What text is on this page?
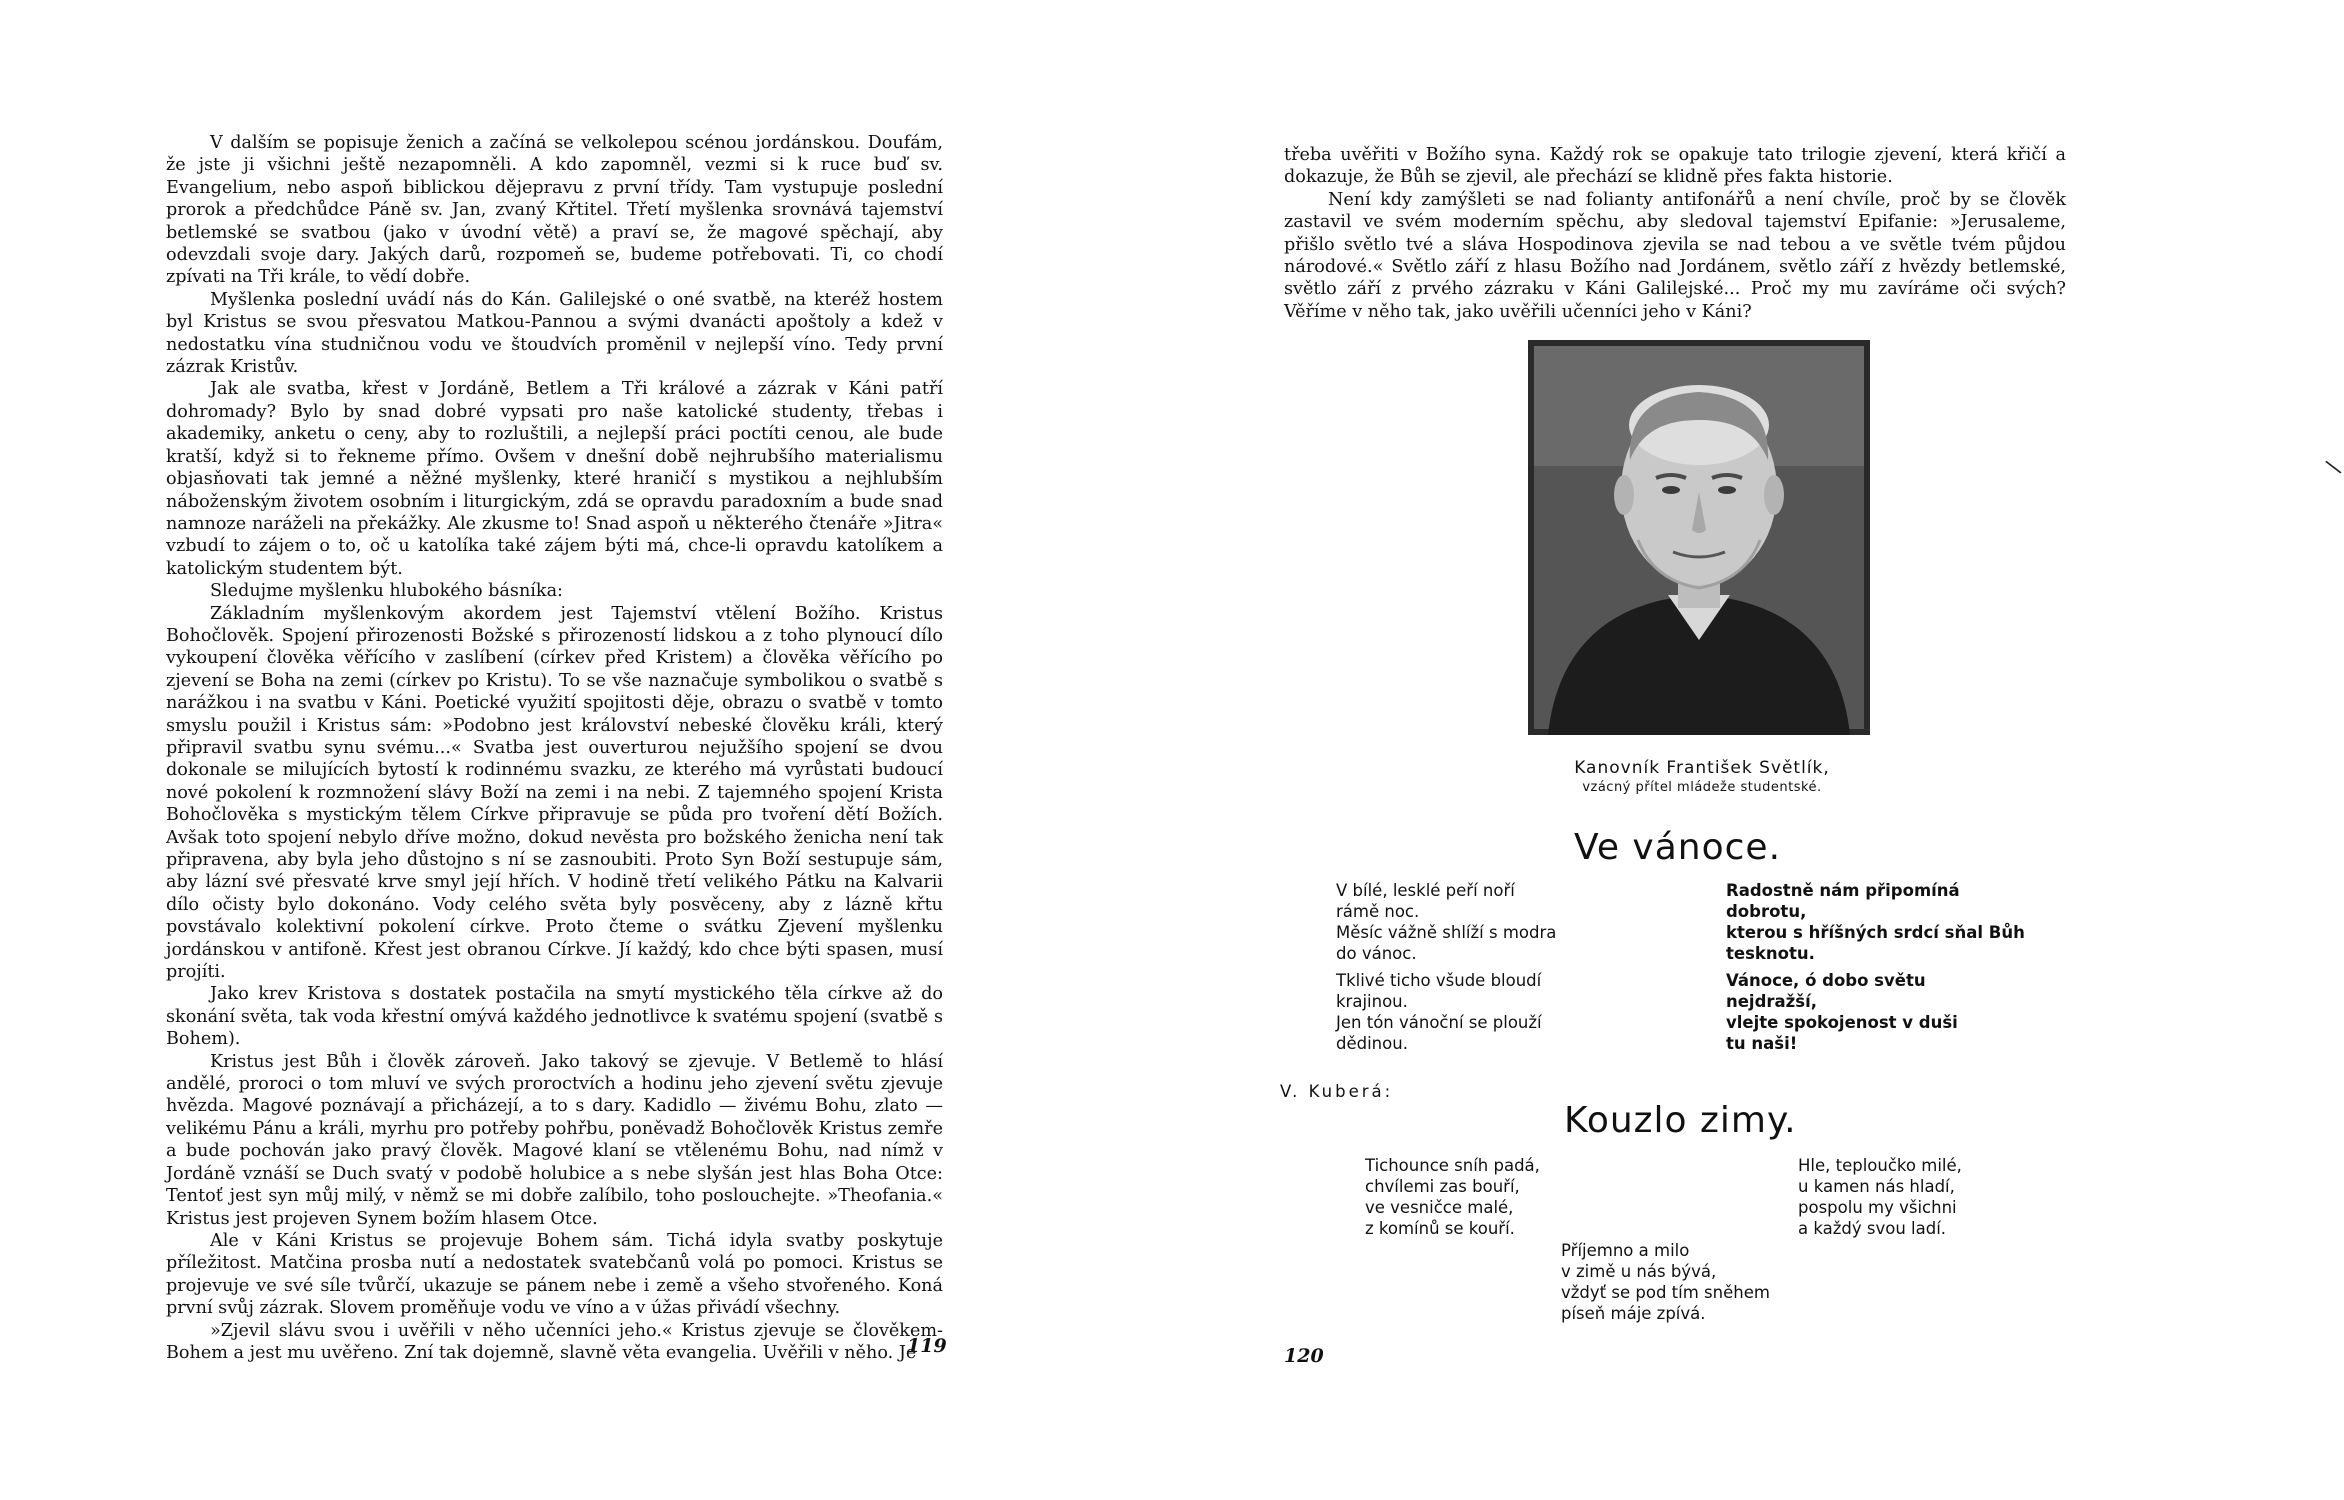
V dalším se popisuje ženich a začíná se velkolepou scénou jordánskou. Doufám, že jste ji všichni ještě nezapomněli. A kdo zapomněl, vezmi si k ruce buď sv. Evangelium, nebo aspoň biblickou dějepravu z první třídy. Tam vystupuje poslední prorok a předchůdce Páně sv. Jan, zvaný Křtitel. Třetí myšlenka srovnává tajemství betlemské se svatbou (jako v úvodní větě) a praví se, že magové spěchají, aby odevzdali svoje dary. Jakých darů, rozpomeň se, budeme potřebovati. Ti, co chodí zpívati na Tři krále, to vědí dobře.

Myšlenka poslední uvádí nás do Kán. Galilejské o oné svatbě, na kteréž hostem byl Kristus se svou přesvatou Matkou-Pannou a svými dvanácti apoštoly a kdež v nedostatku vína studničnou vodu ve štoudvích proměnil v nejlepší víno. Tedy první zázrak Kristův.

Jak ale svatba, křest v Jordáně, Betlem a Tři králové a zázrak v Káni patří dohromady? Bylo by snad dobré vypsati pro naše katolické studenty, třebas i akademiky, anketu o ceny, aby to rozluštili, a nejlepší práci poctíti cenou, ale bude kratší, když si to řekneme přímo. Ovšem v dnešní době nejhrubšího materialismu objasňovati tak jemné a něžné myšlenky, které hraničí s mystikou a nejhlubším náboženským životem osobním i liturgickým, zdá se opravdu paradoxním a bude snad namnoze naráželi na překážky. Ale zkusme to! Snad aspoň u některého čtenáře »Jitra« vzbudí to zájem o to, oč u katolíka také zájem býti má, chce-li opravdu katolíkem a katolickým studentem být.

Sledujme myšlenku hlubokého básníka:

Základním myšlenkovým akordem jest Tajemství vtělení Božího. Kristus Bohočlověk. Spojení přirozenosti Božské s přirozeností lidskou a z toho plynoucí dílo vykoupení člověka věřícího v zaslíbení (církev před Kristem) a člověka věřícího po zjevení se Boha na zemi (církev po Kristu). To se vše naznačuje symbolikou o svatbě s narážkou i na svatbu v Káni. Poetické využití spojitosti děje, obrazu o svatbě v tomto smyslu použil i Kristus sám: »Podobno jest království nebeské člověku králi, který připravil svatbu synu svému...« Svatba jest ouverturou nejužšího spojení se dvou dokonale se milujících bytostí k rodinnému svazku, ze kterého má vyrůstati budoucí nové pokolení k rozmnožení slávy Boží na zemi i na nebi. Z tajemného spojení Krista Bohočlověka s mystickým tělem Církve připravuje se půda pro tvoření dětí Božích. Avšak toto spojení nebylo dříve možno, dokud nevěsta pro božského ženicha není tak připravena, aby byla jeho důstojno s ní se zasnoubiti. Proto Syn Boží sestupuje sám, aby lázní své přesvaté krve smyl její hřích. V hodině třetí velikého Pátku na Kalvarii dílo očisty bylo dokonáno. Vody celého světa byly posvěceny, aby z lázně křtu povstávalo kolektivní pokolení církve. Proto čteme o svátku Zjevení myšlenku jordánskou v antifoně. Křest jest obranou Církve. Jí každý, kdo chce býti spasen, musí projíti.

Jako krev Kristova s dostatek postačila na smytí mystického těla církve až do skonání světa, tak voda křestní omývá každého jednotlivce k svatému spojení (svatbě s Bohem).

Kristus jest Bůh i člověk zároveň. Jako takový se zjevuje. V Betlemě to hlásí andělé, proroci o tom mluví ve svých proroctvích a hodinu jeho zjevení světu zjevuje hvězda. Magové poznávají a přicházejí, a to s dary. Kadidlo — živému Bohu, zlato — velikému Pánu a králi, myrhu pro potřeby pohřbu, poněvadž Bohočlověk Kristus zemře a bude pochován jako pravý člověk. Magové klaní se vtělenému Bohu, nad nímž v Jordáně vznáší se Duch svatý v podobě holubice a s nebe slyšán jest hlas Boha Otce: Tentoť jest syn můj milý, v němž se mi dobře zalíbilo, toho poslouchejte. »Theofania.« Kristus jest projeven Synem božím hlasem Otce.

Ale v Káni Kristus se projevuje Bohem sám. Tichá idyla svatby poskytuje příležitost. Matčina prosba nutí a nedostatek svatebčanů volá po pomoci. Kristus se projevuje ve své síle tvůrčí, ukazuje se pánem nebe i země a všeho stvořeného. Koná první svůj zázrak. Slovem proměňuje vodu ve víno a v úžas přivádí všechny.

»Zjevil slávu svou i uvěřili v něho učenníci jeho.« Kristus zjevuje se člověkem-Bohem a jest mu uvěřeno. Zní tak dojemně, slavně věta evangelia. Uvěřili v něho. Je

119

třeba uvěřiti v Božího syna. Každý rok se opakuje tato trilogie zjevení, která křičí a dokazuje, že Bůh se zjevil, ale přechází se klidně přes fakta historie.

Není kdy zamýšleti se nad folianty antifonářů a není chvíle, proč by se člověk zastavil ve svém moderním spěchu, aby sledoval tajemství Epifanie: »Jerusaleme, přišlo světlo tvé a sláva Hospodinova zjevila se nad tebou a ve světle tvém půjdou národové.« Světlo září z hlasu Božího nad Jordánem, světlo září z hvězdy betlemské, světlo září z prvého zázraku v Káni Galilejské... Proč my mu zavíráme oči svých? Věříme v něho tak, jako uvěřili učenníci jeho v Káni?

\
Kanovník František Světlík,
vzácný přítel mládeže studentské.
Ve vánoce.
V bílé, lesklé peří noří
rámě noc.
Měsíc vážně shlíží s modra
do vánoc.
Tklivé ticho všude bloudí
krajinou.
Jen tón vánoční se plouží
dědinou.
Radostně nám připomíná
dobrotu,
kterou s hříšných srdcí sňal Bůh
tesknotu.
Vánoce, ó dobo světu
nejdražší,
vlejte spokojenost v duši
tu naši!
V. Kuberá:
Kouzlo zimy.
Tichounce sníh padá,
chvílemi zas bouří,
ve vesničce malé,
z komínů se kouří.
Hle, teploučko milé,
u kamen nás hladí,
pospolu my všichni
a každý svou ladí.
Příjemno a milo
v zimě u nás bývá,
vždyť se pod tím sněhem
píseň máje zpívá.
120
